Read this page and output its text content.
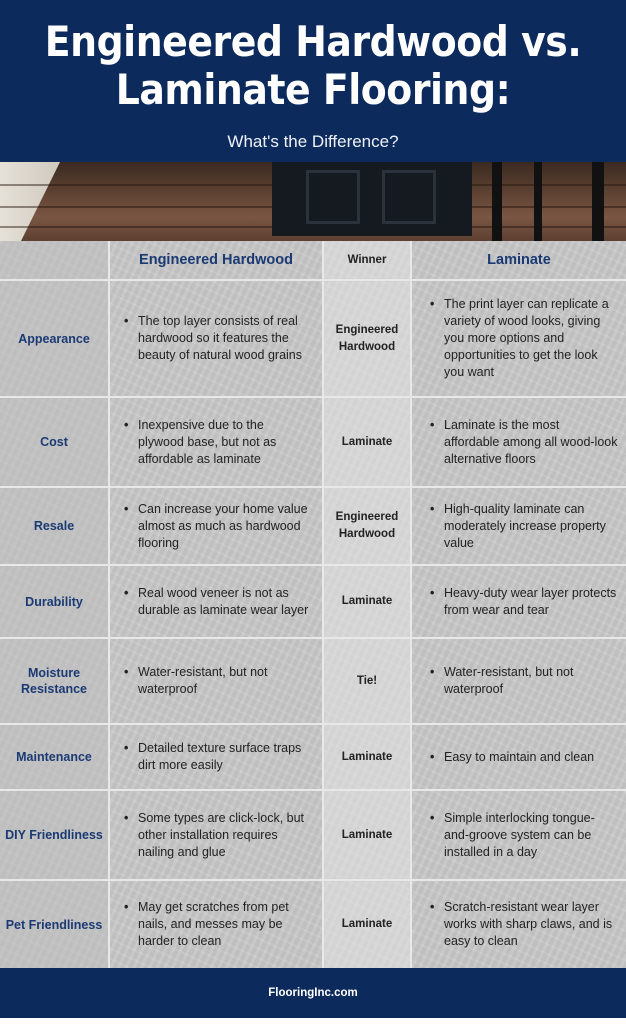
Engineered Hardwood vs.
Laminate Flooring:
What's the Difference?
Engineered Hardwood	Winner	Laminate
Appearance
• The top layer consists of real hardwood so it features the beauty of natural wood grains
Engineered Hardwood
• The print layer can replicate a variety of wood looks, giving you more options and opportunities to get the look you want
Cost
• Inexpensive due to the plywood base, but not as affordable as laminate
Laminate
• Laminate is the most affordable among all wood-look alternative floors
Resale
• Can increase your home value almost as much as hardwood flooring
Engineered Hardwood
• High-quality laminate can moderately increase property value
Durability
• Real wood veneer is not as durable as laminate wear layer
Laminate
• Heavy-duty wear layer protects from wear and tear
Moisture Resistance
• Water-resistant, but not waterproof
Tie!
• Water-resistant, but not waterproof
Maintenance
• Detailed texture surface traps dirt more easily
Laminate
•	Easy to maintain and clean
DIY Friendliness
• Some types are click-lock, but other installation requires nailing and glue
Laminate
• Simple interlocking tongue-and-groove system can be installed in a day
Pet Friendliness
• May get scratches from pet nails, and messes may be harder to clean
Laminate
• Scratch-resistant wear layer works with sharp claws, and is easy to clean
FlooringInc.com
